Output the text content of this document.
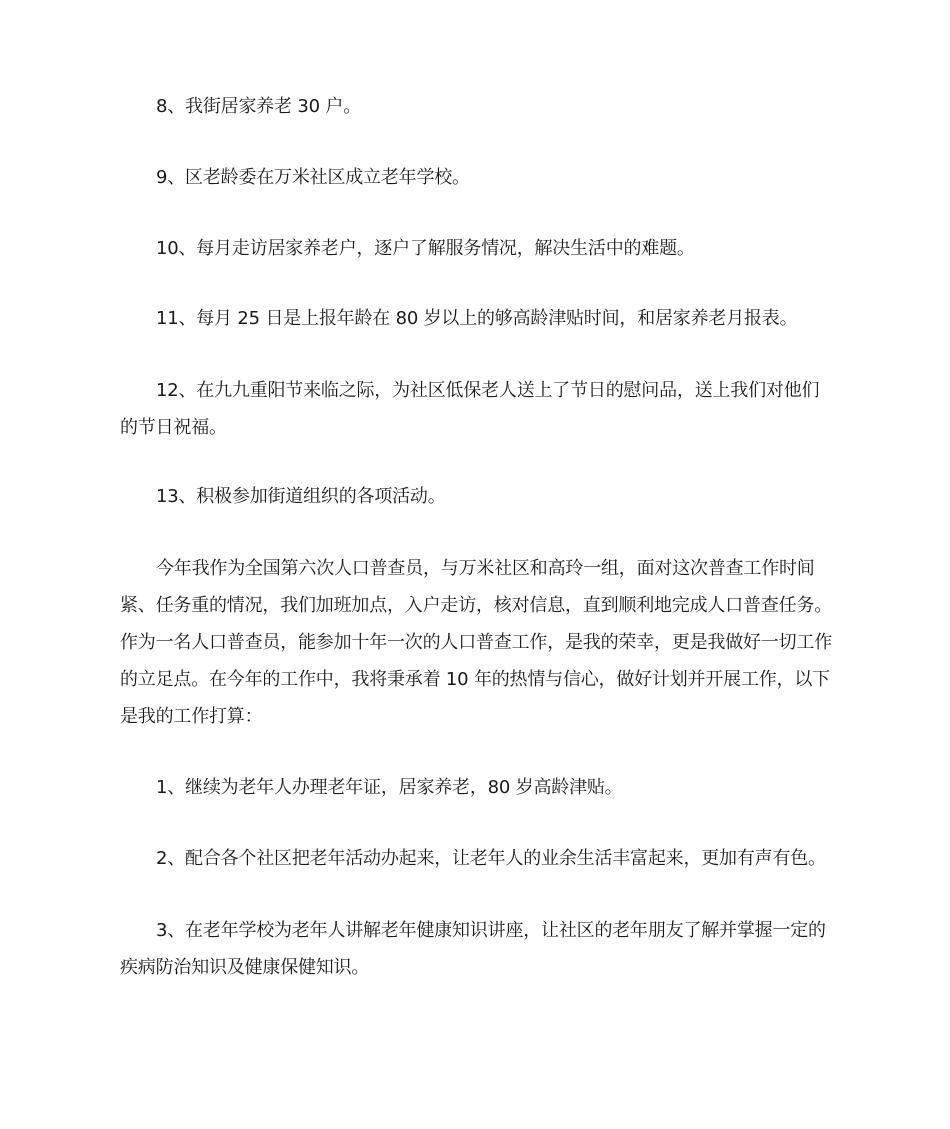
8、我街居家养老 30 户。

9、区老龄委在万米社区成立老年学校。

10、每月走访居家养老户，逐户了解服务情况，解决生活中的难题。

11、每月 25 日是上报年龄在 80 岁以上的够高龄津贴时间，和居家养老月报表。

12、在九九重阳节来临之际，为社区低保老人送上了节日的慰问品，送上我们对他们的节日祝福。

13、积极参加街道组织的各项活动。

今年我作为全国第六次人口普查员，与万米社区和高玲一组，面对这次普查工作时间紧、任务重的情况，我们加班加点，入户走访，核对信息，直到顺利地完成人口普查任务。作为一名人口普查员，能参加十年一次的人口普查工作，是我的荣幸，更是我做好一切工作的立足点。在今年的工作中，我将秉承着 10 年的热情与信心，做好计划并开展工作，以下是我的工作打算：

1、继续为老年人办理老年证，居家养老，80 岁高龄津贴。

2、配合各个社区把老年活动办起来，让老年人的业余生活丰富起来，更加有声有色。

3、在老年学校为老年人讲解老年健康知识讲座，让社区的老年朋友了解并掌握一定的疾病防治知识及健康保健知识。
